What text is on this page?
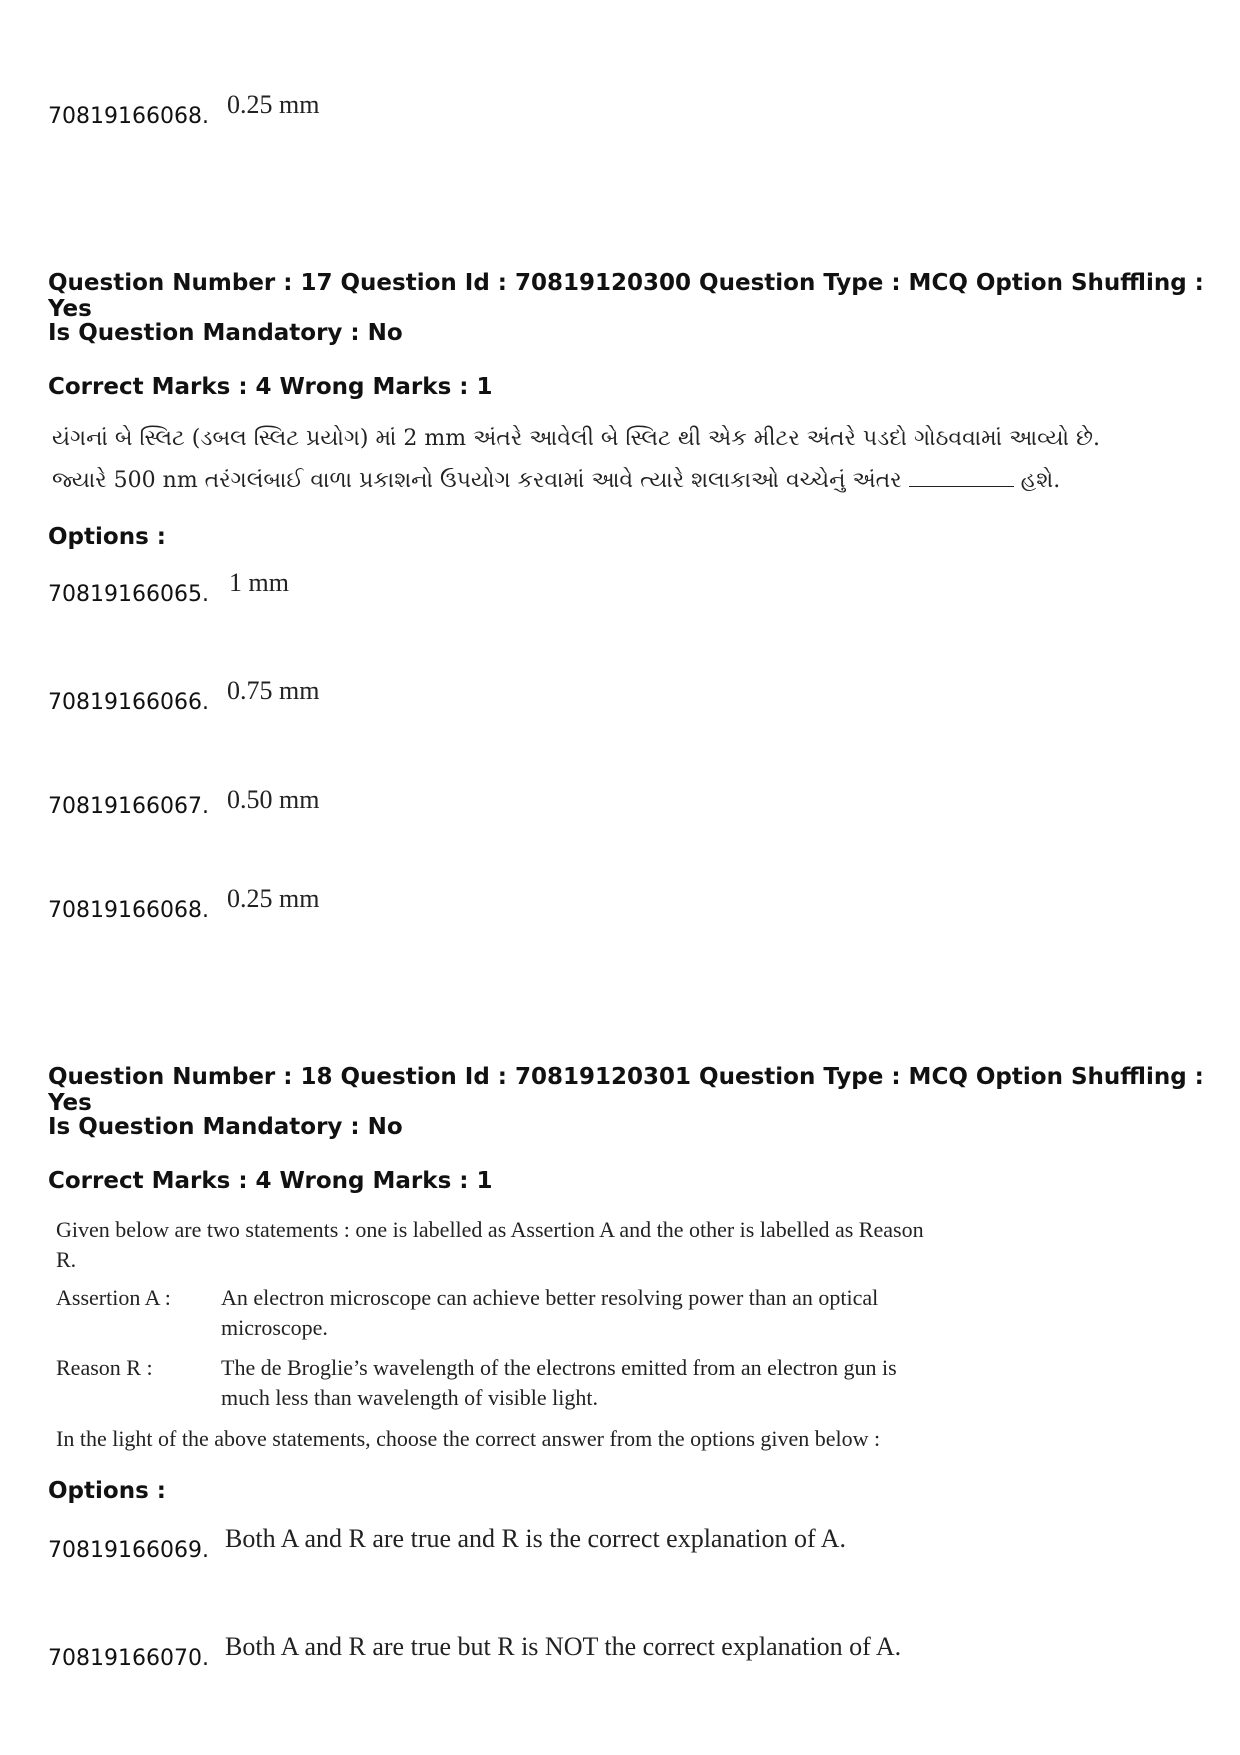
70819166068. 0.25 mm
Question Number : 17 Question Id : 70819120300 Question Type : MCQ Option Shuffling : Yes
Is Question Mandatory : No
Correct Marks : 4 Wrong Marks : 1
યંગનાં બે સ્લિટ (ડબલ સ્લિટ પ્રયોગ) માં 2 mm અંતરે આવેલી બે સ્લિટ થી એક મીટર અંતરે પડદો ગોઠવવામાં આવ્યો છે.
જ્યારે 500 nm તરંગલંબાઈ વાળા પ્રકાશનો ઉપયોગ કરવામાં આવે ત્યારે શલાકાઓ વચ્ચેનું અંતર	હશે.
Options :
70819166065. 1 mm
70819166066. 0.75 mm
70819166067. 0.50 mm
70819166068. 0.25 mm
Question Number : 18 Question Id : 70819120301 Question Type : MCQ Option Shuffling : Yes
Is Question Mandatory : No
Correct Marks : 4 Wrong Marks : 1
Given below are two statements : one is labelled as Assertion A and the other is labelled as Reason R.
Assertion A : An electron microscope can achieve better resolving power than an optical microscope.
Reason R :	The de Broglie’s wavelength of the electrons emitted from an electron gun is much less than wavelength of visible light.
In the light of the above statements, choose the correct answer from the options given below :
Options :
70819166069. Both A and R are true and R is the correct explanation of A.
70819166070. Both A and R are true but R is NOT the correct explanation of A.
